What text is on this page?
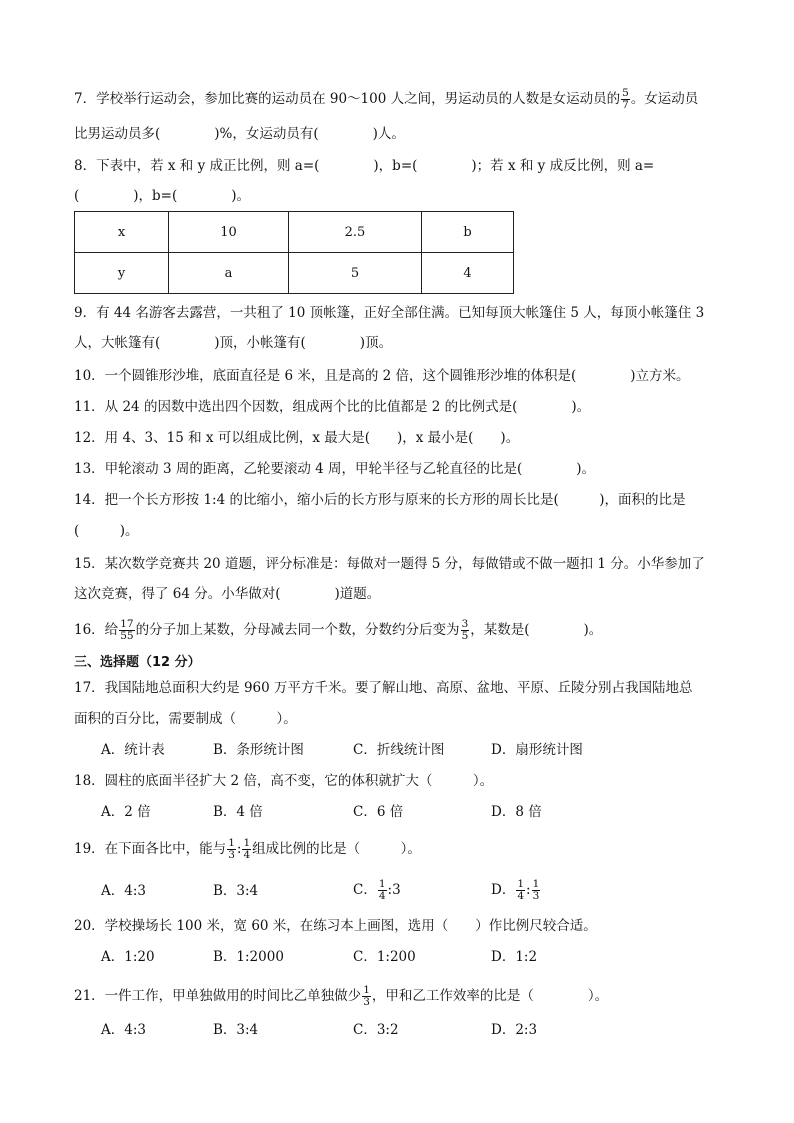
7．学校举行运动会，参加比赛的运动员在 90～100 人之间，男运动员的人数是女运动员的 $\frac{5}{7}$ 。女运动员
比男运动员多(　　　　)%，女运动员有(　　　　)人。
8．下表中，若 x 和 y 成正比例，则 a=(　　　　)，b=(　　　　)；若 x 和 y 成反比例，则 a=
(　　　　)，b=(　　　　)。
x	10	2.5	b
y	a	5	4
9．有 44 名游客去露营，一共租了 10 顶帐篷，正好全部住满。已知每顶大帐篷住 5 人，每顶小帐篷住 3
人，大帐篷有(　　　　)顶，小帐篷有(　　　　)顶。
10．一个圆锥形沙堆，底面直径是 6 米，且是高的 2 倍，这个圆锥形沙堆的体积是(　　　　)立方米。
11．从 24 的因数中选出四个因数，组成两个比的比值都是 2 的比例式是(　　　　)。
12．用 4、3、15 和 x 可以组成比例，x 最大是(　　)，x 最小是(　　)。
13．甲轮滚动 3 周的距离，乙轮要滚动 4 周，甲轮半径与乙轮直径的比是(　　　　)。
14．把一个长方形按 1:4 的比缩小，缩小后的长方形与原来的长方形的周长比是(　　　)，面积的比是
(　　　)。
15．某次数学竞赛共 20 道题，评分标准是：每做对一题得 5 分，每做错或不做一题扣 1 分。小华参加了
这次竞赛，得了 64 分。小华做对(　　　　)道题。
16．给 $\frac{17}{55}$ 的分子加上某数，分母减去同一个数，分数约分后变为 $\frac{3}{5}$ ，某数是(　　　　)。
三、选择题（12 分）
17．我国陆地总面积大约是 960 万平方千米。要了解山地、高原、盆地、平原、丘陵分别占我国陆地总
面积的百分比，需要制成（　　　）。
A．统计表	B．条形统计图	C．折线统计图	D．扇形统计图
18．圆柱的底面半径扩大 2 倍，高不变，它的体积就扩大（　　　）。
A．2 倍	B．4 倍	C．6 倍	D．8 倍
19．在下面各比中，能与 $\frac{1}{3}$ : $\frac{1}{4}$ 组成比例的比是（　　　）。
A．4:3	B．3:4	C． $\frac{1}{4}$ :3	D． $\frac{1}{4}$ : $\frac{1}{3}$
20．学校操场长 100 米，宽 60 米，在练习本上画图，选用（　　）作比例尺较合适。
A．1:20	B．1:2000	C．1:200	D．1:2
21．一件工作，甲单独做用的时间比乙单独做少 $\frac{1}{3}$ ，甲和乙工作效率的比是（　　　　）。
A．4:3	B．3:4	C．3:2	D．2:3
